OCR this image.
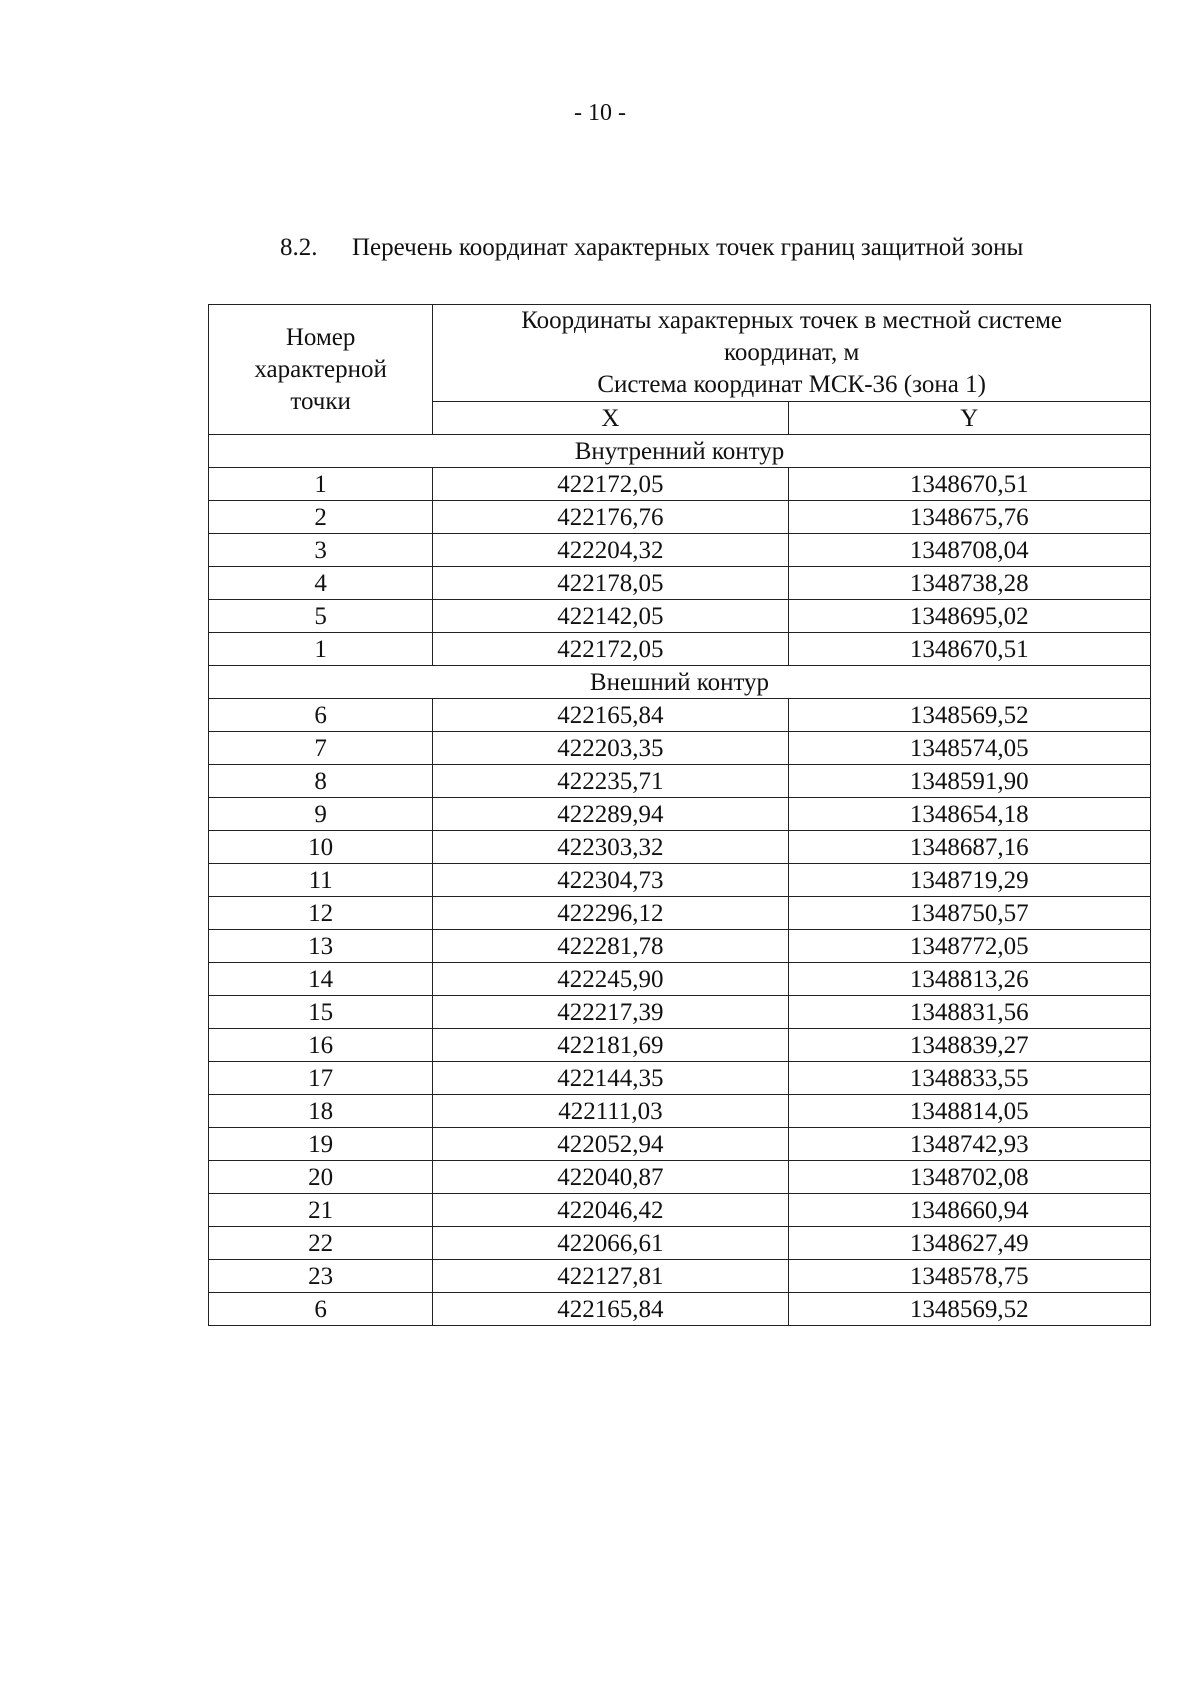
- 10 -
8.2. Перечень координат характерных точек границ защитной зоны
Номер
характерной
точки	Координаты характерных точек в местной системе
координат, м
Система координат МСК-36 (зона 1)	
	X	Y
Внутренний контур		
1	422172,05	1348670,51
2	422176,76	1348675,76
3	422204,32	1348708,04
4	422178,05	1348738,28
5	422142,05	1348695,02
1	422172,05	1348670,51
Внешний контур		
6	422165,84	1348569,52
7	422203,35	1348574,05
8	422235,71	1348591,90
9	422289,94	1348654,18
10	422303,32	1348687,16
11	422304,73	1348719,29
12	422296,12	1348750,57
13	422281,78	1348772,05
14	422245,90	1348813,26
15	422217,39	1348831,56
16	422181,69	1348839,27
17	422144,35	1348833,55
18	422111,03	1348814,05
19	422052,94	1348742,93
20	422040,87	1348702,08
21	422046,42	1348660,94
22	422066,61	1348627,49
23	422127,81	1348578,75
6	422165,84	1348569,52
